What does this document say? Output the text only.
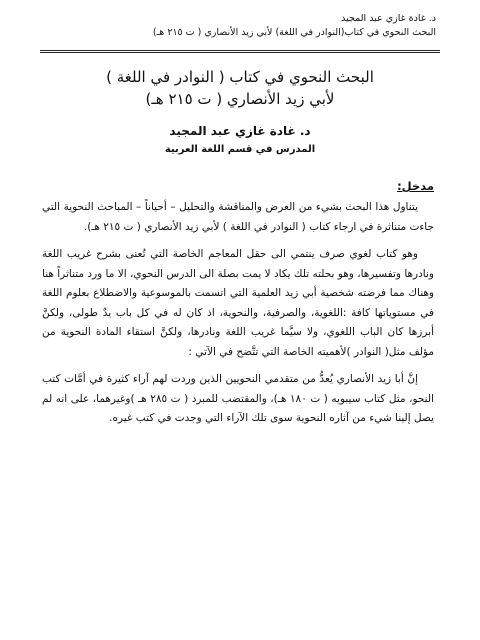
د. غادة غازي عبد المجيد
البحث النحوي في كتاب(النوادر في اللغة) لأبي زيد الأنصاري ( ت ٢١٥ هـ)
البحث النحوي في كتاب ( النوادر في اللغة )
لأبي زيد الأنصاري ( ت ٢١٥ هـ)
د. غادة غازي عبد المجيد
المدرس في قسم اللغة العربية
مدخل:

يتناول هذا البحث بشيء من العرض والمناقشة والتحليل – أحياناً – المباحث النحوية التي جاءت متناثرة في ارجاء كتاب ( النوادر في اللغة ) لأبي زيد الأنصاري ( ت ٢١٥ هـ).

وهو كتاب لغوي صرف ينتمي الى حقل المعاجم الخاصة التي تُعنى بشرح غريب اللغة ونادرها وتفسيرها، وهو بحلته تلك يكاد لا يمت بصلة الى الدرس النحوي، الا ما ورد متناثراً هنا وهناك مما فرضته شخصية أبي زيد العلمية التي اتسمت بالموسوعية والاضطلاع بعلوم اللغة في مستوياتها كافة :اللغوية، والصرفية، والنحوية، اذ كان له في كل باب يدٌ طولى، ولكنَّ أبرزها كان الباب اللغوي، ولا سيَّما غريب اللغة ونادرها، ولكنَّ استقاء المادة النحوية من مؤلف مثل( النوادر )لأهميته الخاصة التي تتَّضح في الآتي :

إنَّ أبا زيد الأنصاري يُعدُّ من متقدمي النحويين الذين وردت لهم آراء كثيرة في أمَّات كتب النحو، مثل كتاب سيبويه ( ت ١٨٠ هـ)، والمقتضب للمبرد ( ت ٢٨٥ هـ )وغيرهما، على انه لم يصل إلينا شيء من آثاره النحوية سوى تلك الآراء التي وجدت في كتب غيره.
